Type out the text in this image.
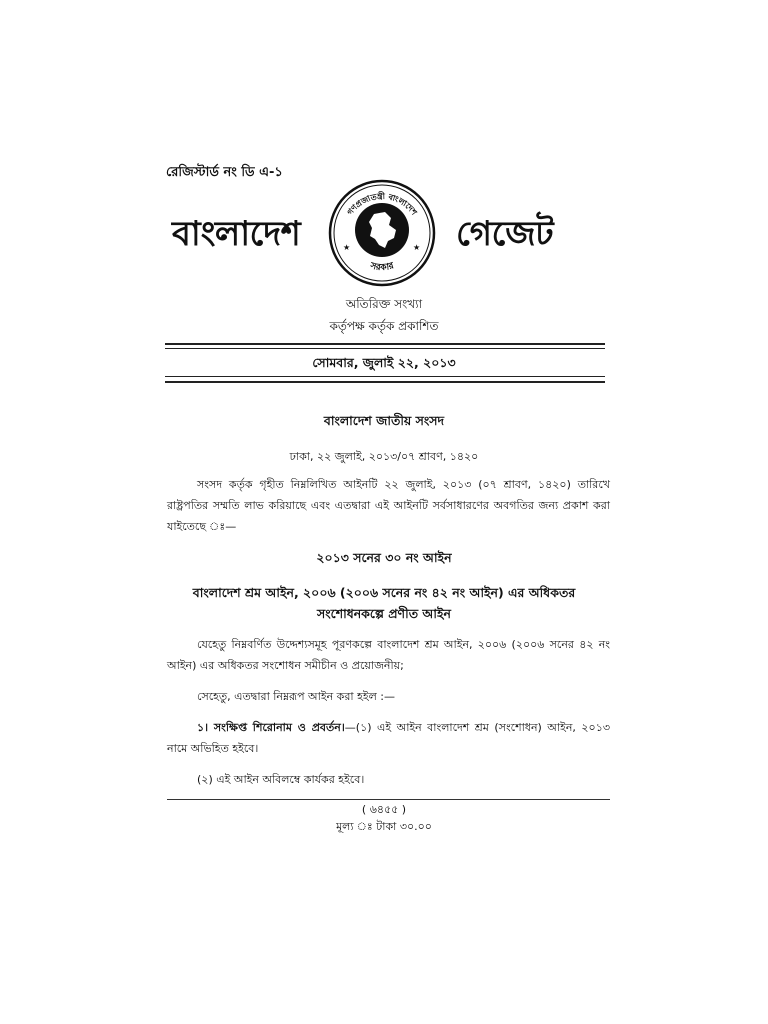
রেজিস্টার্ড নং ডি এ-১
বাংলাদেশ
গণপ্রজাতন্ত্রী বাংলাদেশ
সরকার
★	★ গেজেট
অতিরিক্ত সংখ্যা
কর্তৃপক্ষ কর্তৃক প্রকাশিত
সোমবার, জুলাই ২২, ২০১৩
বাংলাদেশ জাতীয় সংসদ
ঢাকা, ২২ জুলাই, ২০১৩/০৭ শ্রাবণ, ১৪২০
সংসদ কর্তৃক গৃহীত নিম্নলিখিত আইনটি ২২ জুলাই, ২০১৩ (০৭ শ্রাবণ, ১৪২০) তারিখে রাষ্ট্রপতির সম্মতি লাভ করিয়াছে এবং এতদ্বারা এই আইনটি সর্বসাধারণের অবগতির জন্য প্রকাশ করা যাইতেছে ঃ—
২০১৩ সনের ৩০ নং আইন
বাংলাদেশ শ্রম আইন, ২০০৬ (২০০৬ সনের নং ৪২ নং আইন) এর অধিকতর
সংশোধনকল্পে প্রণীত আইন
যেহেতু নিম্নবর্ণিত উদ্দেশ্যসমূহ পূরণকল্পে বাংলাদেশ শ্রম আইন, ২০০৬ (২০০৬ সনের ৪২ নং আইন) এর অধিকতর সংশোধন সমীচীন ও প্রয়োজনীয়;
সেহেতু, এতদ্বারা নিম্নরূপ আইন করা হইল :—
১। সংক্ষিপ্ত শিরোনাম ও প্রবর্তন।—(১) এই আইন বাংলাদেশ শ্রম (সংশোধন) আইন, ২০১৩ নামে অভিহিত হইবে।
(২) এই আইন অবিলম্বে কার্যকর হইবে।
( ৬৪৫৫ )
মূল্য ঃ টাকা ৩০.০০
